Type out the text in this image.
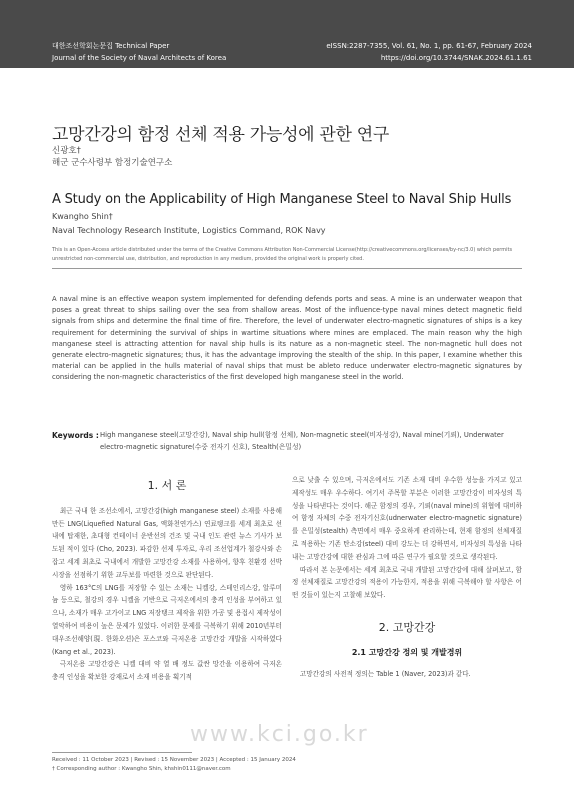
대한조선학회논문집 Technical Paper
Journal of the Society of Naval Architects of Korea
eISSN:2287-7355, Vol. 61, No. 1, pp. 61-67, February 2024
https://doi.org/10.3744/SNAK.2024.61.1.61
고망간강의 함정 선체 적용 가능성에 관한 연구
신광호†
해군 군수사령부 함정기술연구소
A Study on the Applicability of High Manganese Steel to Naval Ship Hulls
Kwangho Shin†
Naval Technology Research Institute, Logistics Command, ROK Navy
This is an Open-Access article distributed under the terms of the Creative Commons Attribution Non-Commercial License(http://creativecommons.org/licenses/by-nc/3.0) which permits unrestricted non-commercial use, distribution, and reproduction in any medium, provided the original work is properly cited.
A naval mine is an effective weapon system implemented for defending defends ports and seas. A mine is an underwater weapon that poses a great threat to ships sailing over the sea from shallow areas. Most of the influence-type naval mines detect magnetic field signals from ships and determine the final time of fire. Therefore, the level of underwater electro-magnetic signatures of ships is a key requirement for determining the survival of ships in wartime situations where mines are emplaced. The main reason why the high manganese steel is attracting attention for naval ship hulls is its nature as a non-magnetic steel. The non-magnetic hull does not generate electro-magnetic signatures; thus, it has the advantage improving the stealth of the ship. In this paper, I examine whether this material can be applied in the hulls material of naval ships that must be ableto reduce underwater electro-magnetic signatures by considering the non-magnetic characteristics of the first developed high manganese steel in the world.
Keywords : High manganese steel(고망간강), Naval ship hull(함정 선체), Non-magnetic steel(비자성강), Naval mine(기뢰), Underwater electro-magnetic signature(수중 전자기 신호), Stealth(은밀성)
1. 서 론

최근 국내 한 조선소에서, 고망간강(high manganese steel) 소재를 사용해 만든 LNG(Liquefied Natural Gas, 액화천연가스) 연료탱크를 세계 최초로 선내에 탑재한, 초대형 컨테이너 운반선의 건조 및 국내 인도 관련 뉴스 기사가 보도된 적이 있다 (Cho, 2023). 파감한 선제 투자로, 우리 조선업계가 철강사와 손잡고 세계 최초로 국내에서 개발한 고망간강 소재를 사용하여, 향후 친환경 선박 시장을 선점하기 위한 교두보를 마련한 것으로 판단된다.

영하 163°C의 LNG를 저장할 수 있는 소재는 니켈강, 스테인리스강, 알루미늄 등으로, 철강의 경우 니켈을 기반으로 극저온에서의 충격 인성을 부여하고 있으나, 소재가 매우 고가이고 LNG 저장탱크 제작을 위한 가공 및 용접시 제작성이 열악하여 비용이 높은 문제가 있었다. 이러한 문제를 극복하기 위해 2010년부터 대우조선해양(現. 한화오션)은 포스코와 극저온용 고망간강 개발을 시작하였다 (Kang et al., 2023).

극저온용 고망간강은 니켈 대비 약 열 배 정도 값싼 망간을 이용하여 극저온 충격 인성을 확보한 강재로서 소재 비용을 획기적

으로 낮출 수 있으며, 극저온에서도 기존 소재 대비 우수한 성능을 가지고 있고 제작성도 매우 우수하다. 여기서 주목할 부분은 이러한 고망간강이 비자성의 특성을 나타낸다는 것이다. 해군 함정의 경우, 기뢰(naval mine)의 위협에 대비하여 함정 자체의 수중 전자기신호(udnerwater electro-magnetic signature)를 은밀성(stealth) 측면에서 매우 중요하게 관리하는데, 현재 함정의 선체재질로 적용하는 기존 탄소강(steel) 대비 강도는 더 강하면서, 비자성의 특성을 나타내는 고망간강에 대한 관심과 그에 따른 연구가 필요할 것으로 생각된다.

따라서 본 논문에서는 세계 최초로 국내 개발된 고망간강에 대해 살펴보고, 함정 선체재질로 고망간강의 적용이 가능한지, 적용을 위해 극복해야 할 사항은 어떤 것들이 있는지 고찰해 보았다.

2. 고망간강
2.1 고망간강 정의 및 개발경위

고망간강의 사전적 정의는 Table 1 (Naver, 2023)과 같다.

www.kci.go.kr
Received : 11 October 2023 | Revised : 15 November 2023 | Accepted : 15 January 2024
† Corresponding author : Kwangho Shin, khshin0111@naver.com
